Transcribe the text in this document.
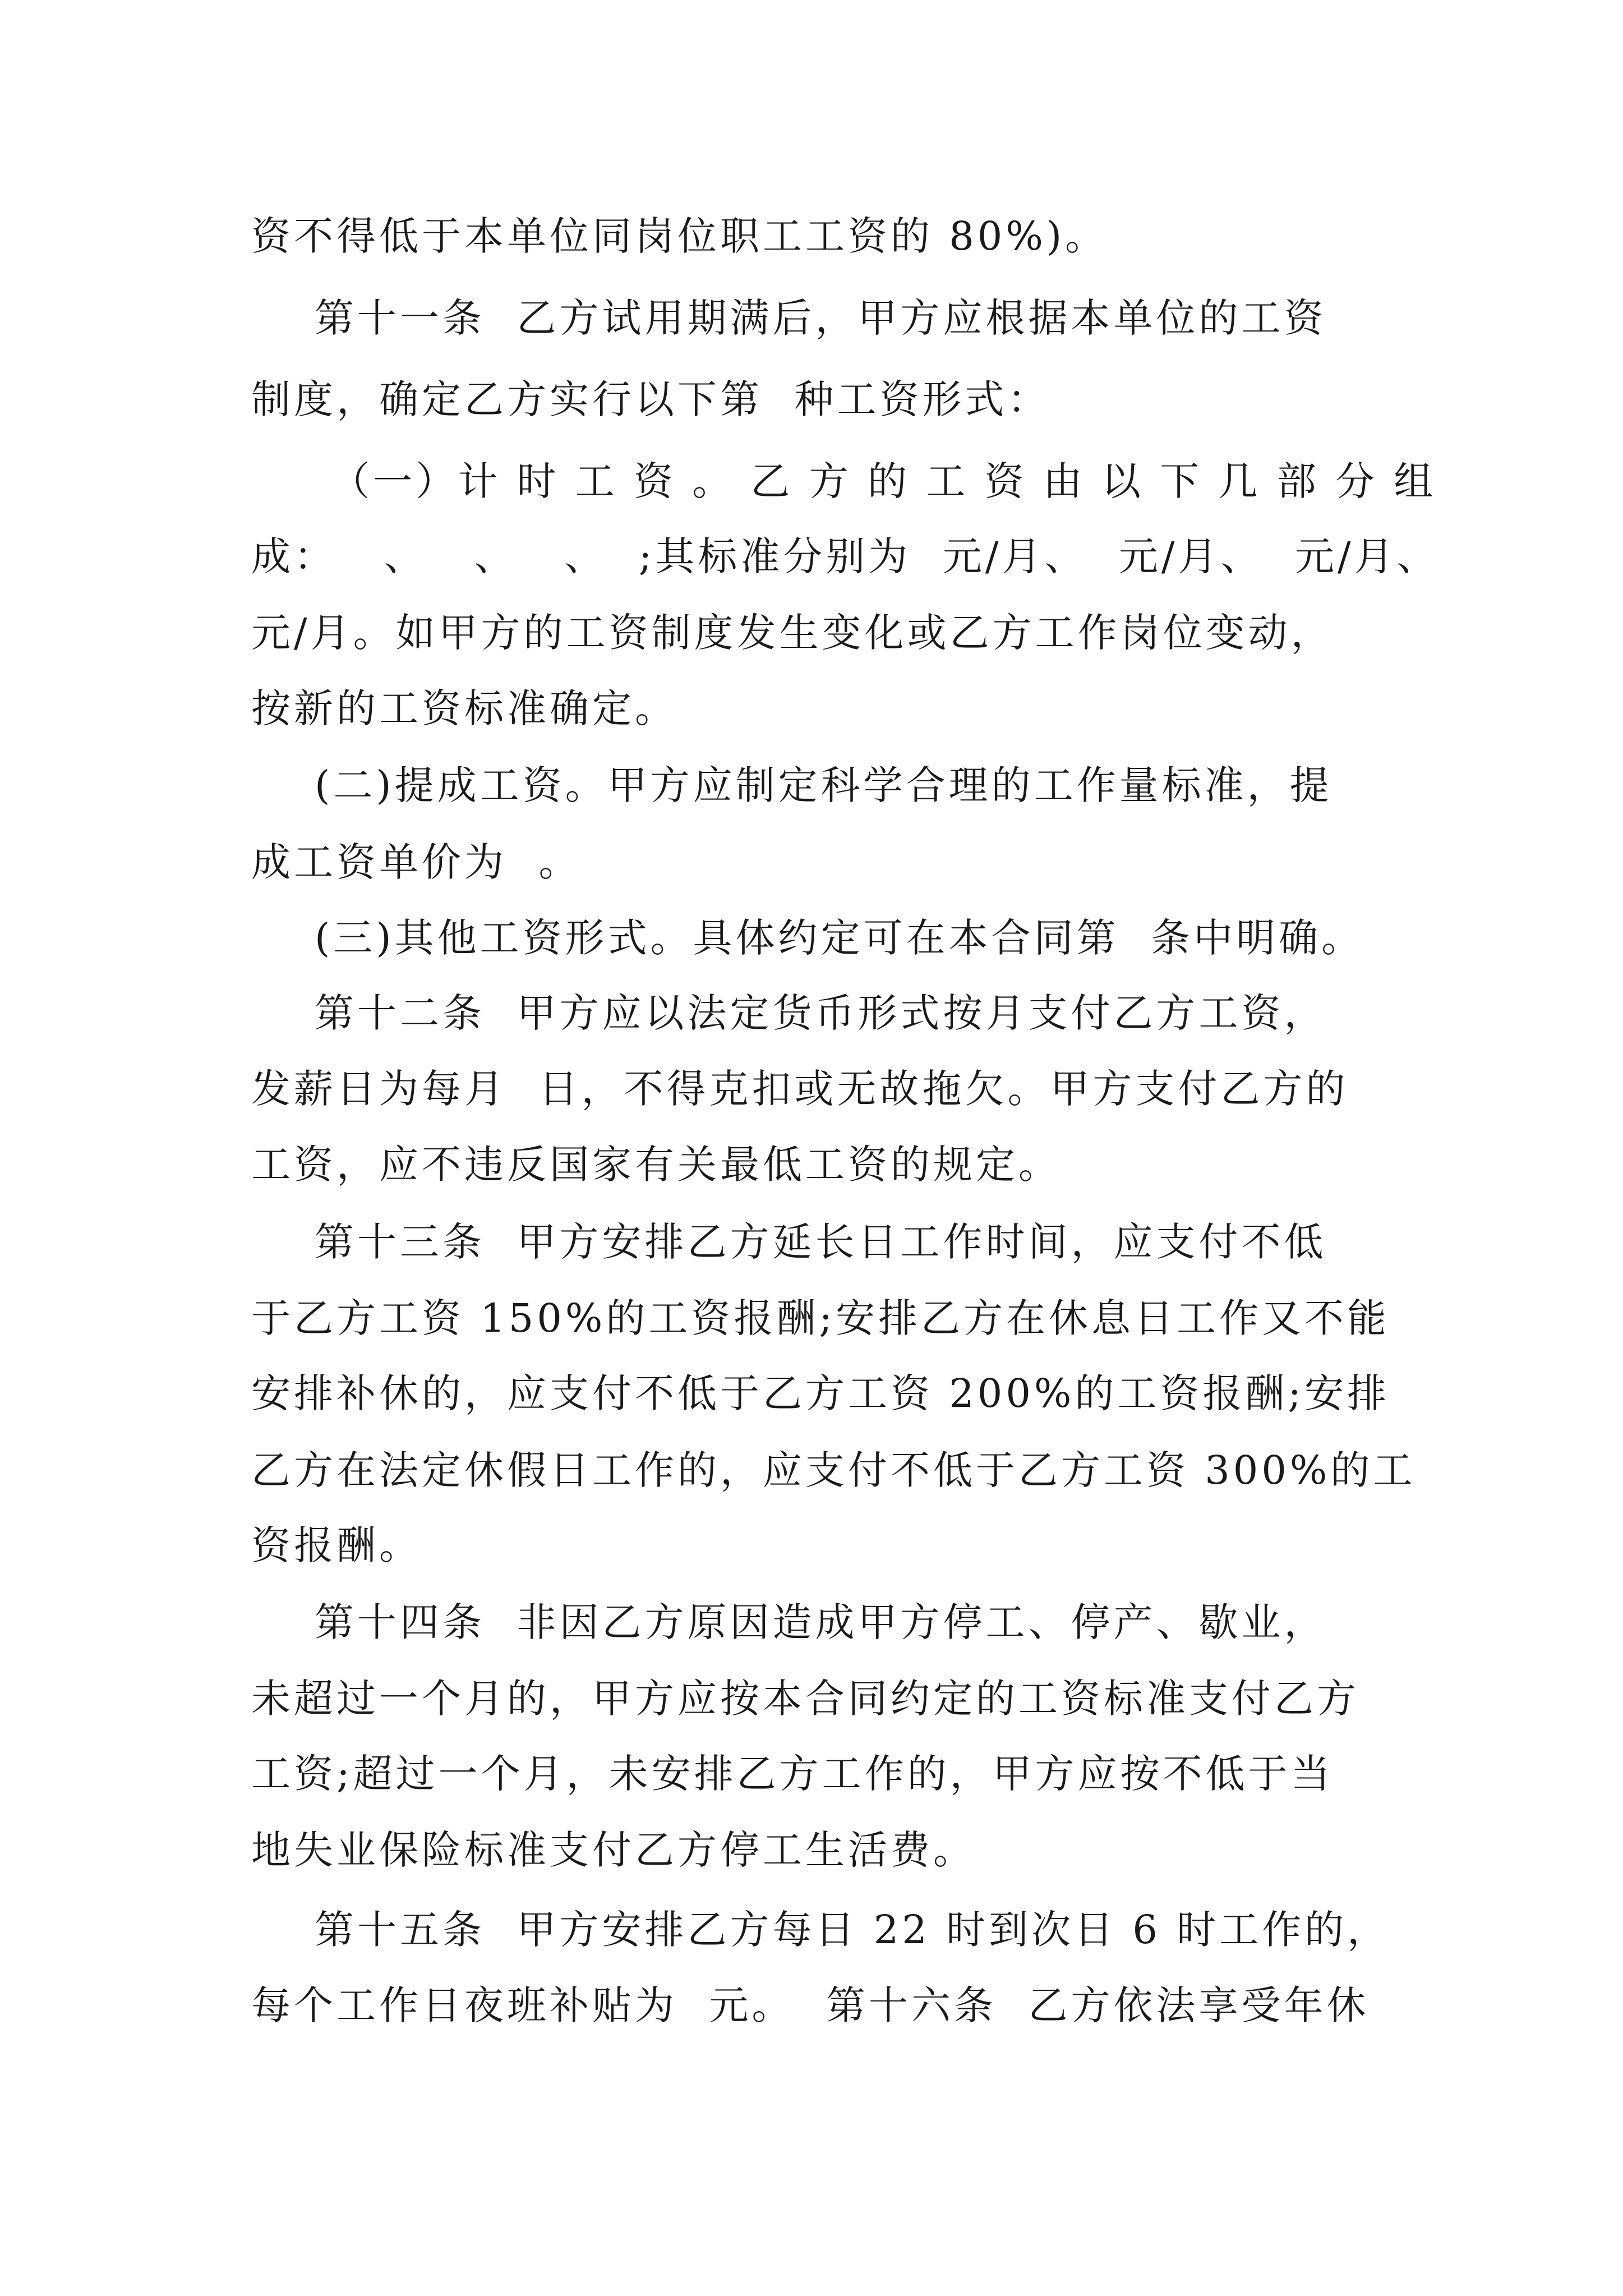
资不得低于本单位同岗位职工工资的 80%)。
第十一条  乙方试用期满后，甲方应根据本单位的工资
制度，确定乙方实行以下第  种工资形式：
（一）计 时 工 资 。 乙 方 的 工 资 由 以 下 几 部 分 组
成：   、   、   、  ;其标准分别为  元/月、  元/月、  元/月、
元/月。如甲方的工资制度发生变化或乙方工作岗位变动，
按新的工资标准确定。
(二)提成工资。甲方应制定科学合理的工作量标准，提
成工资单价为  。
(三)其他工资形式。具体约定可在本合同第  条中明确。
第十二条  甲方应以法定货币形式按月支付乙方工资，
发薪日为每月  日，不得克扣或无故拖欠。甲方支付乙方的
工资，应不违反国家有关最低工资的规定。
第十三条  甲方安排乙方延长日工作时间，应支付不低
于乙方工资 150%的工资报酬;安排乙方在休息日工作又不能
安排补休的，应支付不低于乙方工资 200%的工资报酬;安排
乙方在法定休假日工作的，应支付不低于乙方工资 300%的工
资报酬。
第十四条  非因乙方原因造成甲方停工、停产、歇业，
未超过一个月的，甲方应按本合同约定的工资标准支付乙方
工资;超过一个月，未安排乙方工作的，甲方应按不低于当
地失业保险标准支付乙方停工生活费。
第十五条  甲方安排乙方每日 22 时到次日 6 时工作的，
每个工作日夜班补贴为  元。  第十六条  乙方依法享受年休
